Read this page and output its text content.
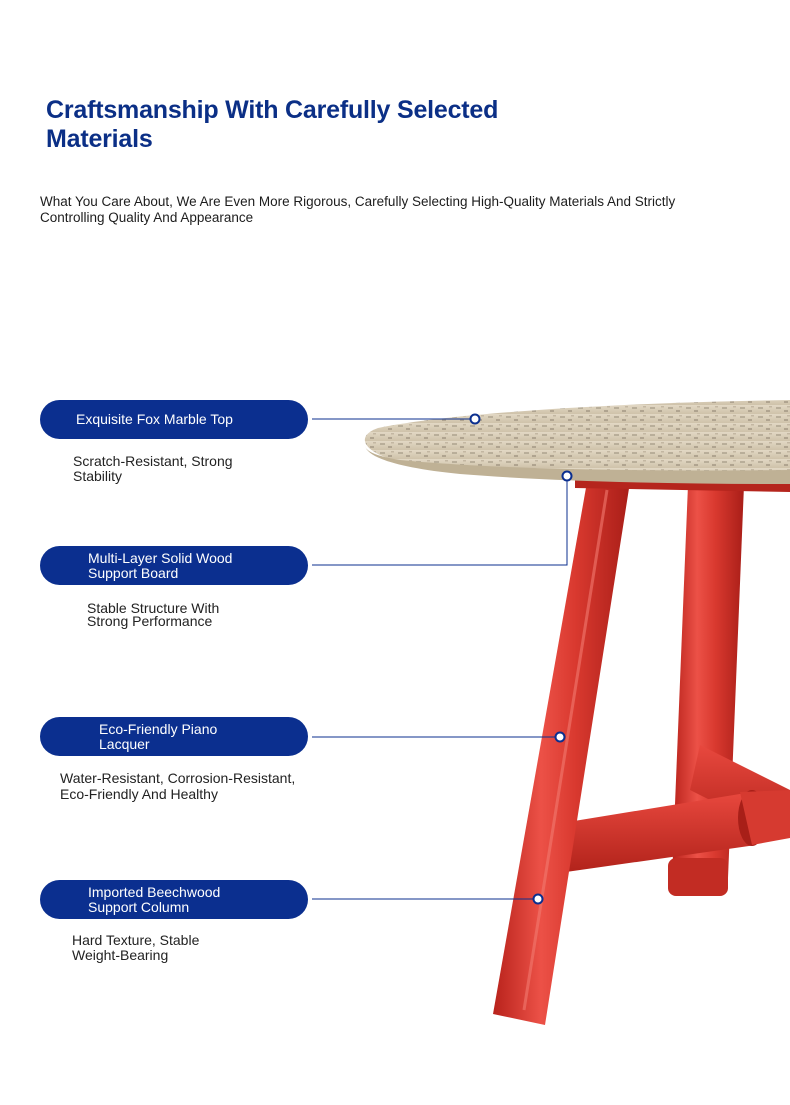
Craftsmanship With Carefully Selected Materials

What You Care About, We Are Even More Rigorous, Carefully Selecting High-Quality Materials And Strictly Controlling Quality And Appearance

Exquisite Fox Marble Top
Scratch-Resistant, Strong
Stability
Multi-Layer Solid Wood
Support Board
Stable Structure With
Strong Performance
Eco-Friendly Piano
Lacquer
Water-Resistant, Corrosion-Resistant,
Eco-Friendly And Healthy
Imported Beechwood
Support Column
Hard Texture, Stable
Weight-Bearing
